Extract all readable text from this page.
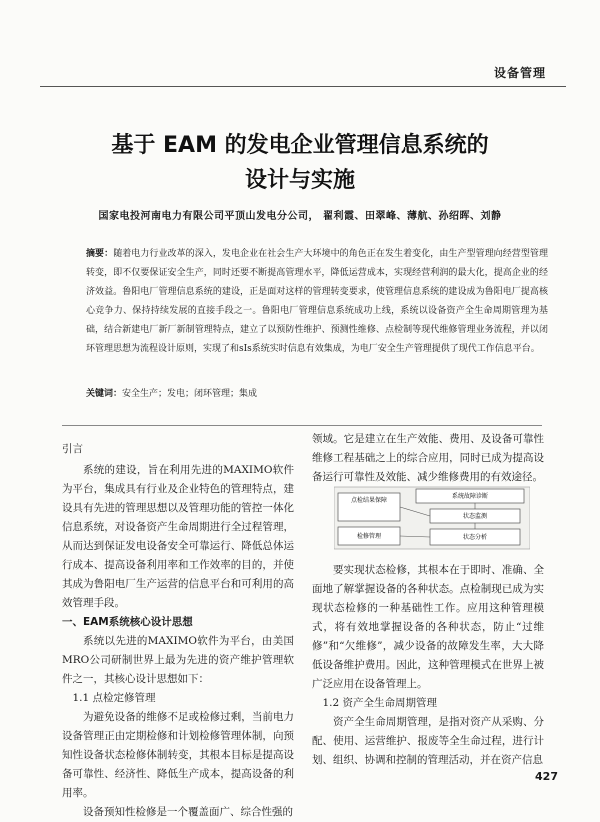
设备管理
基于 EAM 的发电企业管理信息系统的
设计与实施
国家电投河南电力有限公司平顶山发电分公司， 翟利霞、田翠峰、薄航、孙绍晖、刘静
摘要：随着电力行业改革的深入，发电企业在社会生产大环境中的角色正在发生着变化，由生产型管理向经营型管理转变，即不仅要保证安全生产，同时还要不断提高管理水平，降低运营成本，实现经营利润的最大化，提高企业的经济效益。鲁阳电厂管理信息系统的建设，正是面对这样的管理转变要求，使管理信息系统的建设成为鲁阳电厂提高核心竞争力、保持持续发展的直接手段之一。鲁阳电厂管理信息系统成功上线，系统以设备资产全生命周期管理为基础，结合新建电厂新厂新制管理特点，建立了以预防性维护、预测性维修、点检制等现代维修管理业务流程，并以闭环管理思想为流程设计原则，实现了和sIs系统实时信息有效集成，为电厂安全生产管理提供了现代工作信息平台。
关键词：安全生产；发电；闭环管理；集成

引言

系统的建设，旨在利用先进的MAXIMO软件为平台，集成具有行业及企业特色的管理特点，建设具有先进的管理思想以及管理功能的管控一体化信息系统，对设备资产生命周期进行全过程管理，从而达到保证发电设备安全可靠运行、降低总体运行成本、提高设备利用率和工作效率的目的，并使其成为鲁阳电厂生产运营的信息平台和可利用的高效管理手段。

一、EAM系统核心设计思想

系统以先进的MAXIMO软件为平台，由美国MRO公司研制世界上最为先进的资产维护管理软件之一，其核心设计思想如下：

1.1 点检定修管理

为避免设备的维修不足或检修过剩，当前电力设备管理正由定期检修和计划检修管理体制，向预知性设备状态检修体制转变，其根本目标是提高设备可靠性、经济性、降低生产成本，提高设备的利用率。

设备预知性检修是一个覆盖面广、综合性强的

领域。它是建立在生产效能、费用、及设备可靠性维修工程基础之上的综合应用，同时已成为提高设备运行可靠性及效能、减少维修费用的有效途径。

点检结果保障
系统故障诊断
状态监测
检修管理	状态分析

要实现状态检修，其根本在于即时、准确、全面地了解掌握设备的各种状态。点检制现已成为实现状态检修的一种基础性工作。应用这种管理模式，将有效地掌握设备的各种状态，防止“过维修”和“欠维修”，减少设备的故障发生率，大大降低设备维护费用。因此，这种管理模式在世界上被广泛应用在设备管理上。

1.2 资产全生命周期管理

资产全生命周期管理，是指对资产从采购、分配、使用、运营维护、报废等全生命过程，进行计划、组织、协调和控制的管理活动，并在资产信息

427
